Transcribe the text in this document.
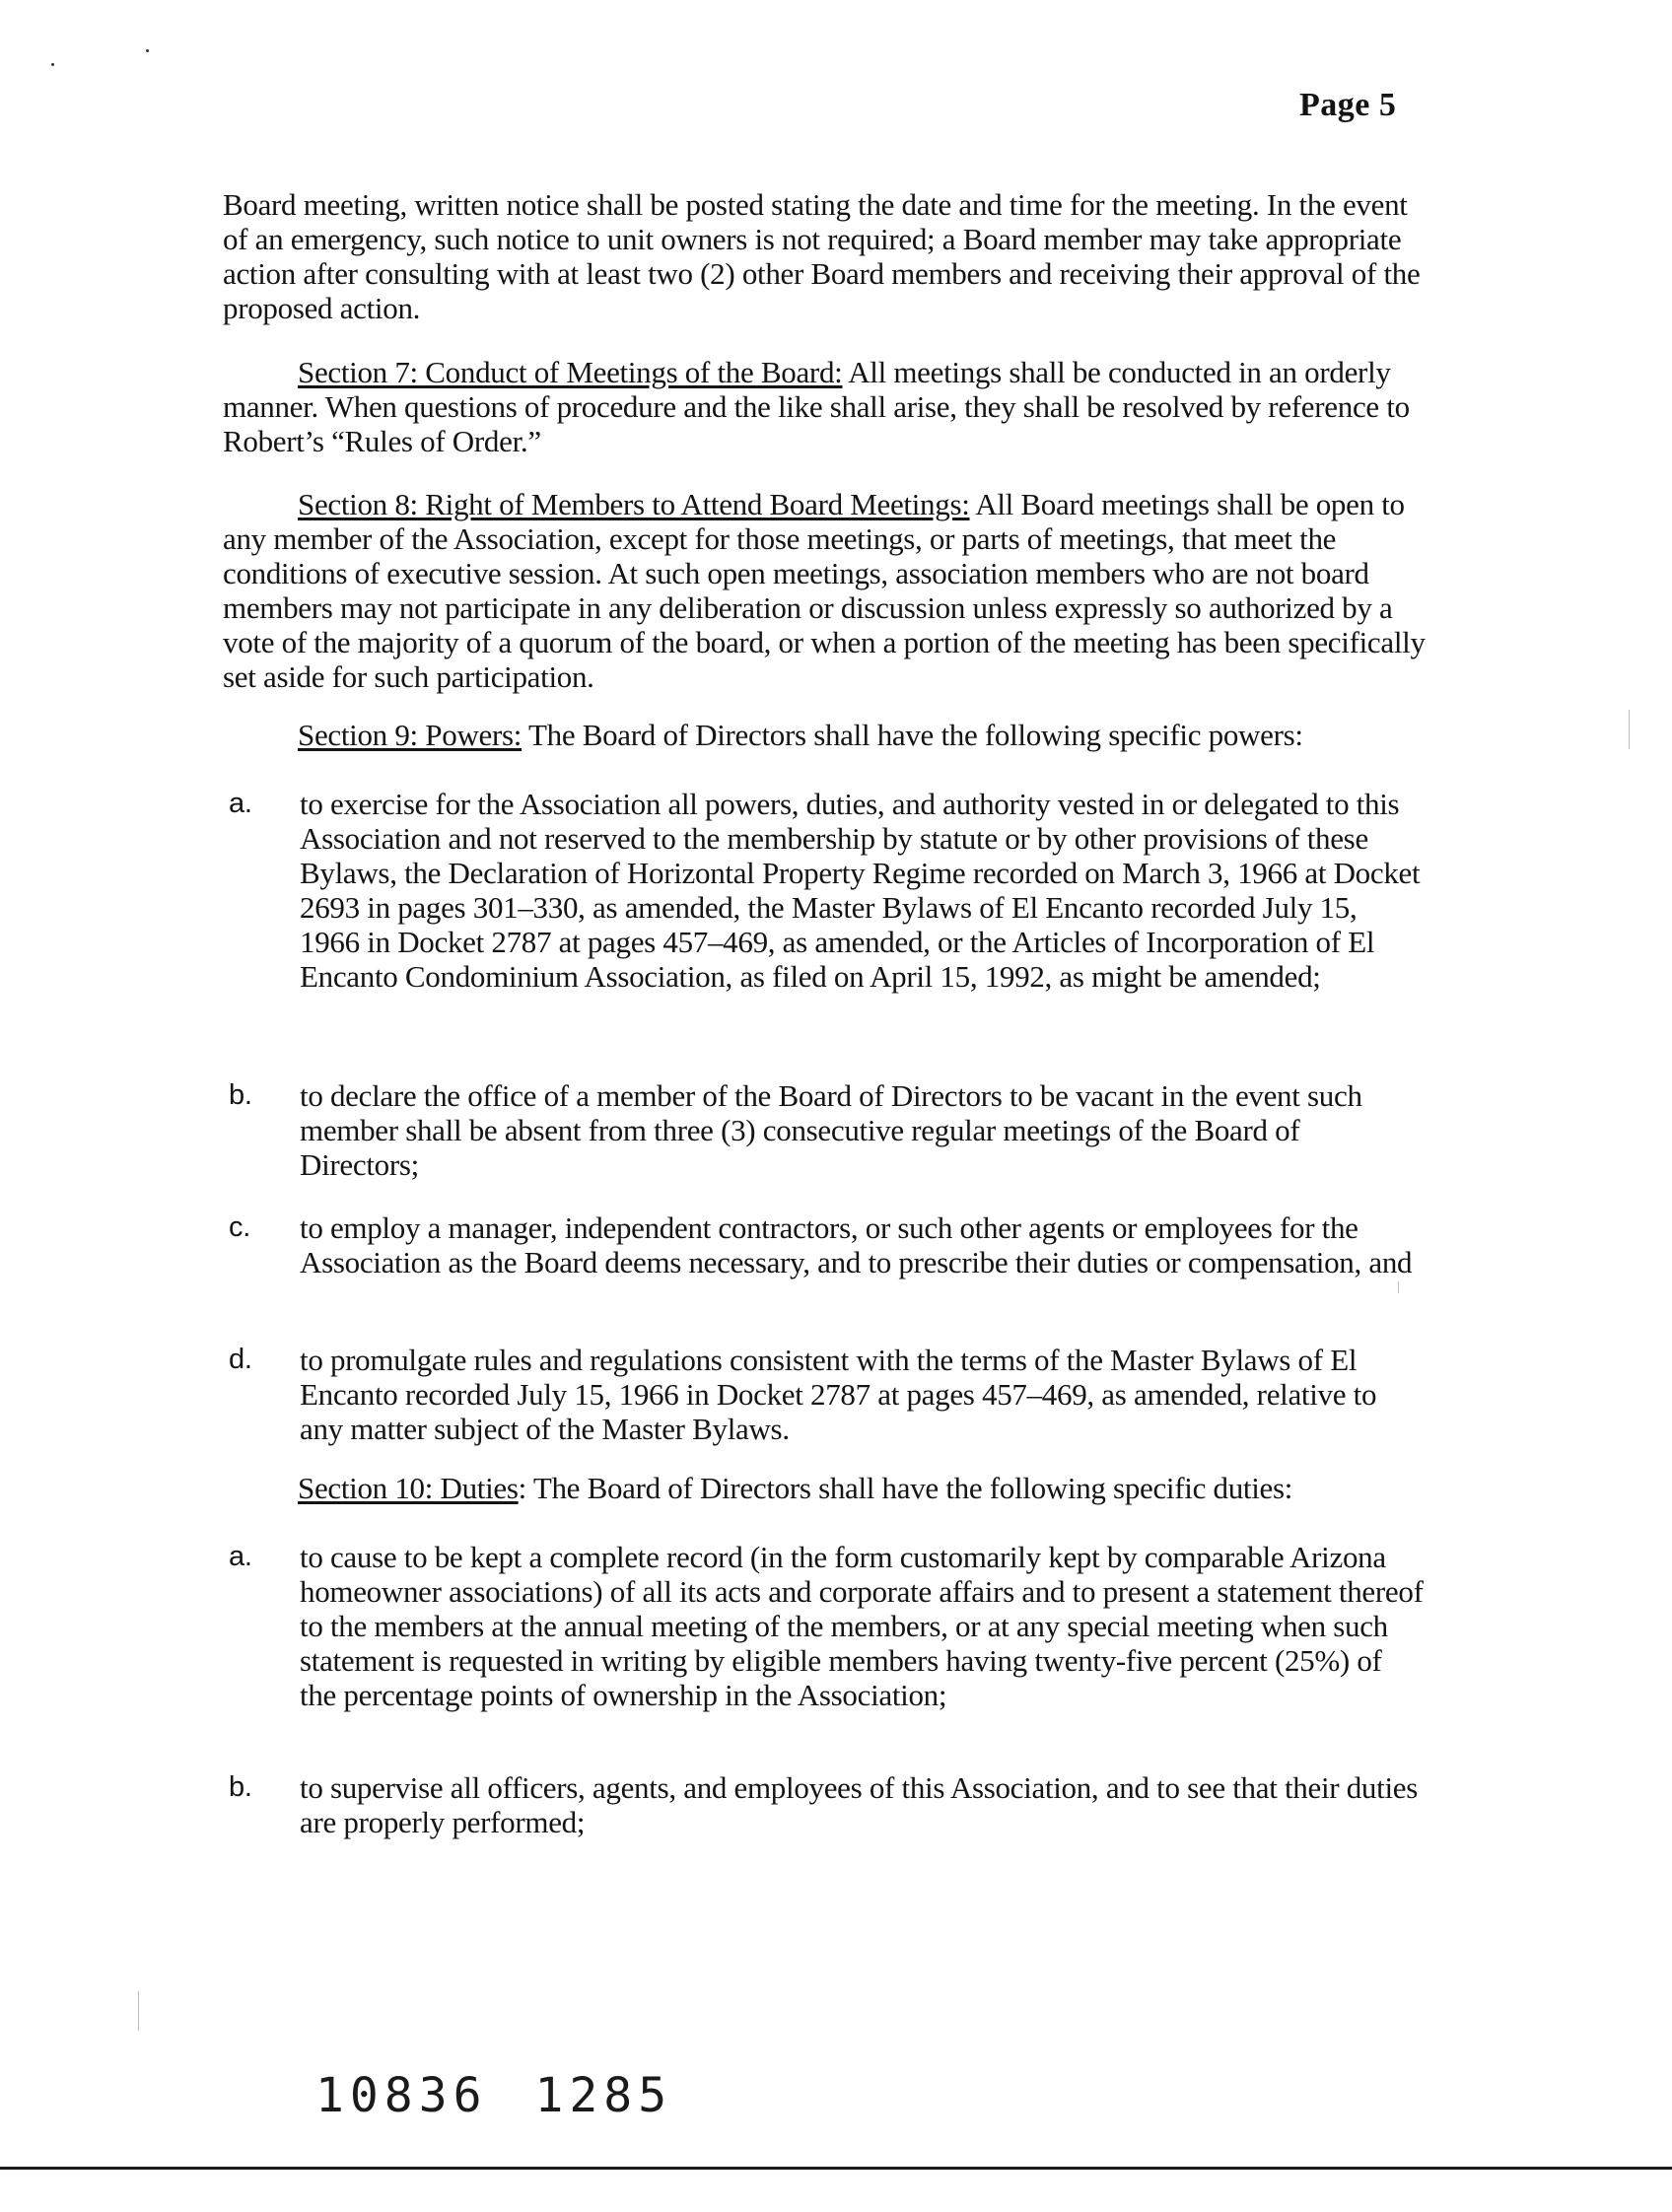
Page 5
Board meeting, written notice shall be posted stating the date and time for the meeting. In the event of an emergency, such notice to unit owners is not required; a Board member may take appropriate action after consulting with at least two (2) other Board members and receiving their approval of the proposed action.
Section 7: Conduct of Meetings of the Board: All meetings shall be conducted in an orderly manner. When questions of procedure and the like shall arise, they shall be resolved by reference to Robert’s “Rules of Order.”
Section 8: Right of Members to Attend Board Meetings: All Board meetings shall be open to any member of the Association, except for those meetings, or parts of meetings, that meet the conditions of executive session. At such open meetings, association members who are not board members may not participate in any deliberation or discussion unless expressly so authorized by a vote of the majority of a quorum of the board, or when a portion of the meeting has been specifically set aside for such participation.
Section 9: Powers: The Board of Directors shall have the following specific powers:
a. to exercise for the Association all powers, duties, and authority vested in or delegated to this Association and not reserved to the membership by statute or by other provisions of these Bylaws, the Declaration of Horizontal Property Regime recorded on March 3, 1966 at Docket 2693 in pages 301–330, as amended, the Master Bylaws of El Encanto recorded July 15, 1966 in Docket 2787 at pages 457–469, as amended, or the Articles of Incorporation of El Encanto Condominium Association, as filed on April 15, 1992, as might be amended;
b. to declare the office of a member of the Board of Directors to be vacant in the event such member shall be absent from three (3) consecutive regular meetings of the Board of Directors;
c. to employ a manager, independent contractors, or such other agents or employees for the Association as the Board deems necessary, and to prescribe their duties or compensation, and
d. to promulgate rules and regulations consistent with the terms of the Master Bylaws of El Encanto recorded July 15, 1966 in Docket 2787 at pages 457–469, as amended, relative to any matter subject of the Master Bylaws.
Section 10: Duties: The Board of Directors shall have the following specific duties:
a. to cause to be kept a complete record (in the form customarily kept by comparable Arizona homeowner associations) of all its acts and corporate affairs and to present a statement thereof to the members at the annual meeting of the members, or at any special meeting when such statement is requested in writing by eligible members having twenty-five percent (25%) of the percentage points of ownership in the Association;
b. to supervise all officers, agents, and employees of this Association, and to see that their duties are properly performed;
10836 1285
